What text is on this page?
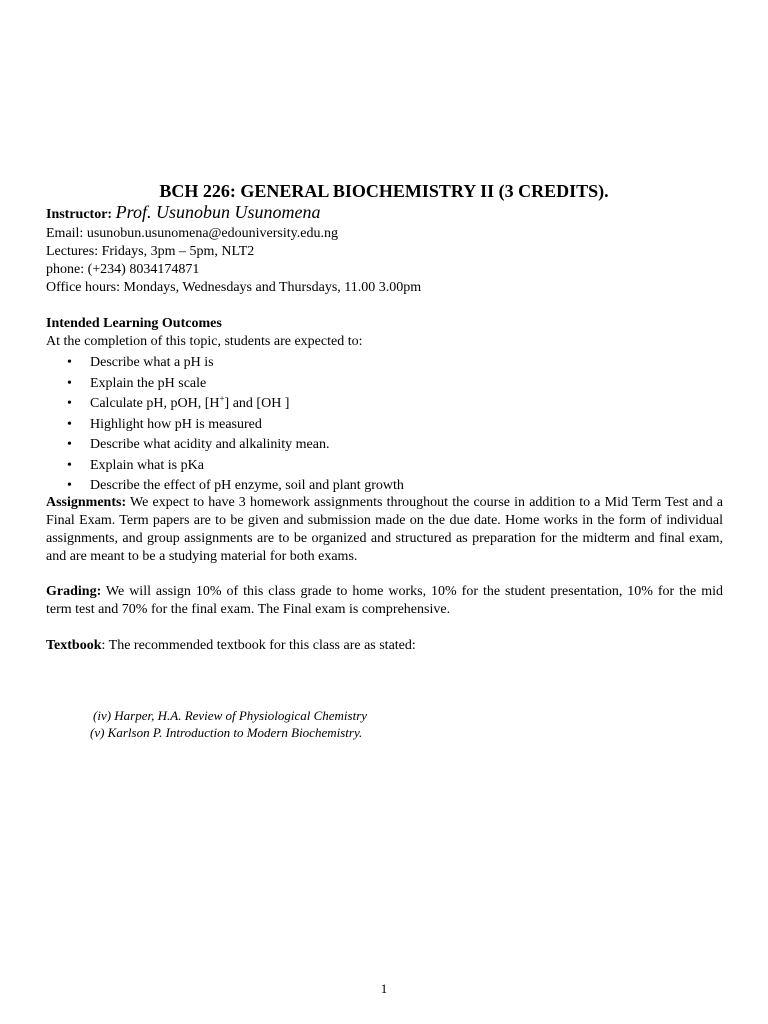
BCH 226: GENERAL BIOCHEMISTRY II (3 CREDITS).
Instructor: Prof. Usunobun Usunomena
Email: usunobun.usunomena@edouniversity.edu.ng
Lectures: Fridays, 3pm – 5pm, NLT2
phone: (+234) 8034174871
Office hours: Mondays, Wednesdays and Thursdays, 11.00 3.00pm
Intended Learning Outcomes
At the completion of this topic, students are expected to:
• Describe what a pH is
• Explain the pH scale
• Calculate pH, pOH, [H+] and [OH ]
• Highlight how pH is measured
• Describe what acidity and alkalinity mean.
• Explain what is pKa
• Describe the effect of pH enzyme, soil and plant growth
Assignments: We expect to have 3 homework assignments throughout the course in addition to a Mid Term Test and a Final Exam. Term papers are to be given and submission made on the due date. Home works in the form of individual assignments, and group assignments are to be organized and structured as preparation for the midterm and final exam, and are meant to be a studying material for both exams.
Grading: We will assign 10% of this class grade to home works, 10% for the student presentation, 10% for the mid term test and 70% for the final exam. The Final exam is comprehensive.
Textbook: The recommended textbook for this class are as stated:
(iv) Harper, H.A. Review of Physiological Chemistry
(v) Karlson P. Introduction to Modern Biochemistry.
1
